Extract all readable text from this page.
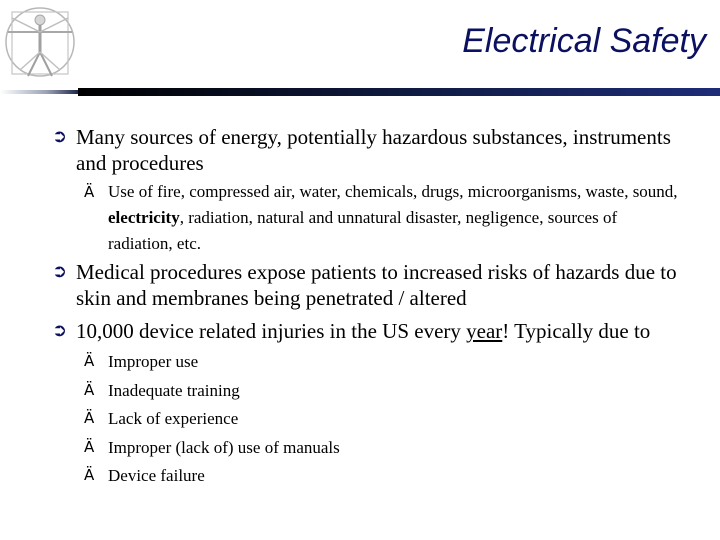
Electrical Safety
➲ Many sources of energy, potentially hazardous substances, instruments and procedures
Ä Use of fire, compressed air, water, chemicals, drugs, microorganisms, waste, sound, electricity, radiation, natural and unnatural disaster, negligence, sources of radiation, etc.
➲ Medical procedures expose patients to increased risks of hazards due to skin and membranes being penetrated / altered
➲ 10,000 device related injuries in the US every year! Typically due to
Ä Improper use
Ä Inadequate training
Ä Lack of experience
Ä Improper (lack of) use of manuals
Ä Device failure
